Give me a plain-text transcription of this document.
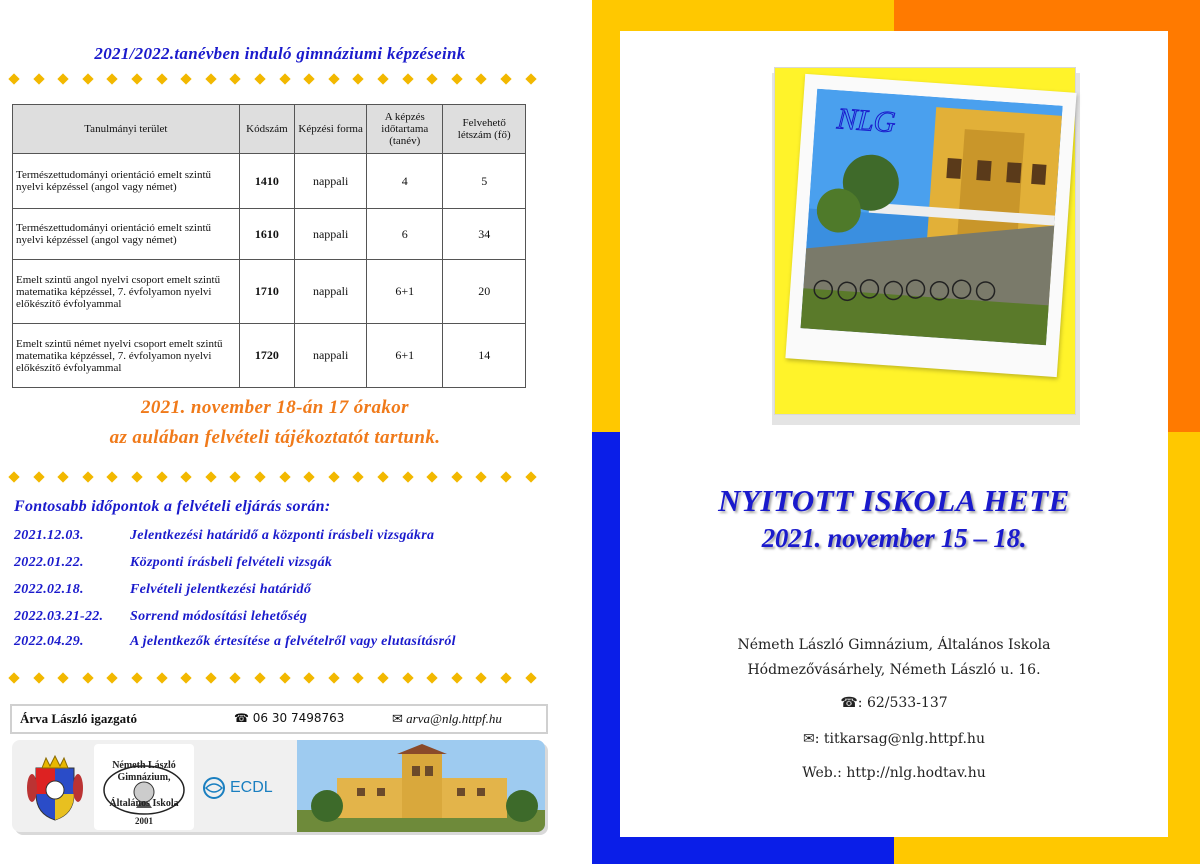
2021/2022.tanévben induló gimnáziumi képzéseink
Tanulmányi terület	Kódszám	Képzési forma	A képzés időtartama (tanév)	Felvehető létszám (fő)
Természettudományi orientáció emelt szintű nyelvi képzéssel (angol vagy német)	1410	nappali	4	5
Természettudományi orientáció emelt szintű nyelvi képzéssel (angol vagy német)	1610	nappali	6	34
Emelt szintű angol nyelvi csoport emelt szintű matematika képzéssel, 7. évfolyamon nyelvi előkészítő évfolyammal	1710	nappali	6+1	20
Emelt szintű német nyelvi csoport emelt szintű matematika képzéssel, 7. évfolyamon nyelvi előkészítő évfolyammal	1720	nappali	6+1	14
2021. november 18-án 17 órakor
az aulában felvételi tájékoztatót tartunk.
Fontosabb időpontok a felvételi eljárás során:
2021.12.03.	Jelentkezési határidő a központi írásbeli vizsgákra
2022.01.22.	Központi írásbeli felvételi vizsgák
2022.02.18.	Felvételi jelentkezési határidő
2022.03.21-22. Sorrend módosítási lehetőség
2022.04.29.	A jelentkezők értesítése a felvételről vagy elutasításról
Árva László igazgató	☎ 06 30 7498763	✉ arva@nlg.httpf.hu
Németh László
Gimnázium,
Általános Iskola
2001
ECDL
NLG
NYITOTT ISKOLA HETE
2021. november 15 – 18.
Németh László Gimnázium, Általános Iskola
Hódmezővásárhely, Németh László u. 16.
☎: 62/533-137
✉: titkarsag@nlg.httpf.hu
Web.: http://nlg.hodtav.hu
